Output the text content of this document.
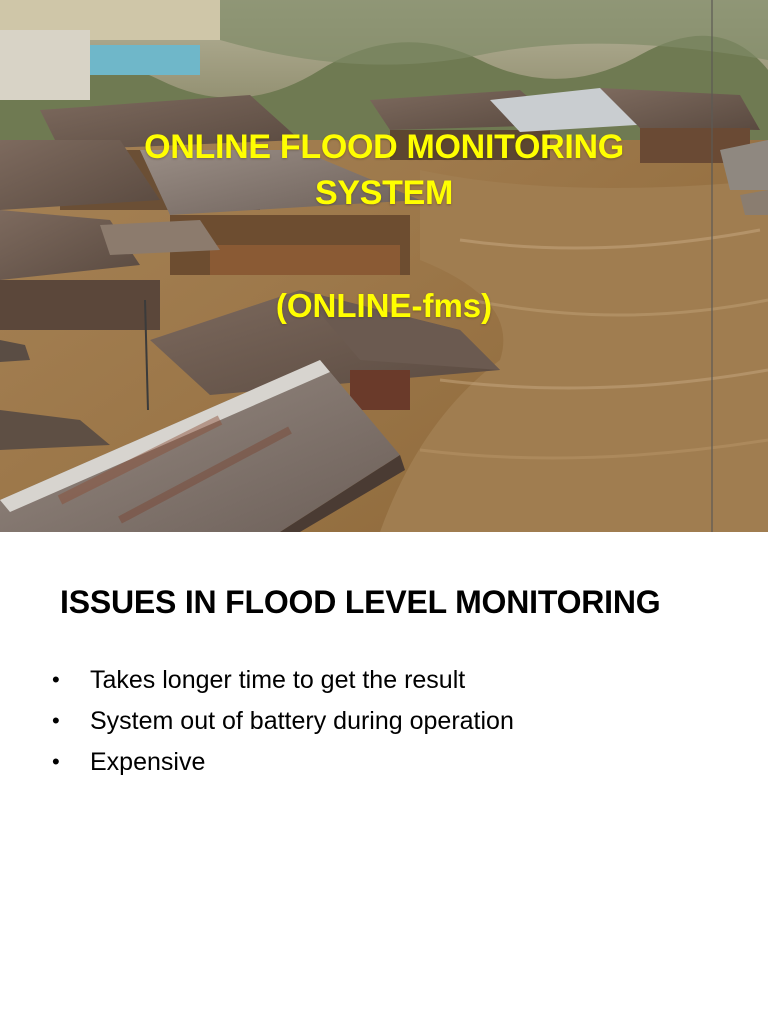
ONLINE FLOOD MONITORING
SYSTEM
(ONLINE-fms)
ISSUES IN FLOOD LEVEL MONITORING
• Takes longer time to get the result
• System out of battery during operation
• Expensive
